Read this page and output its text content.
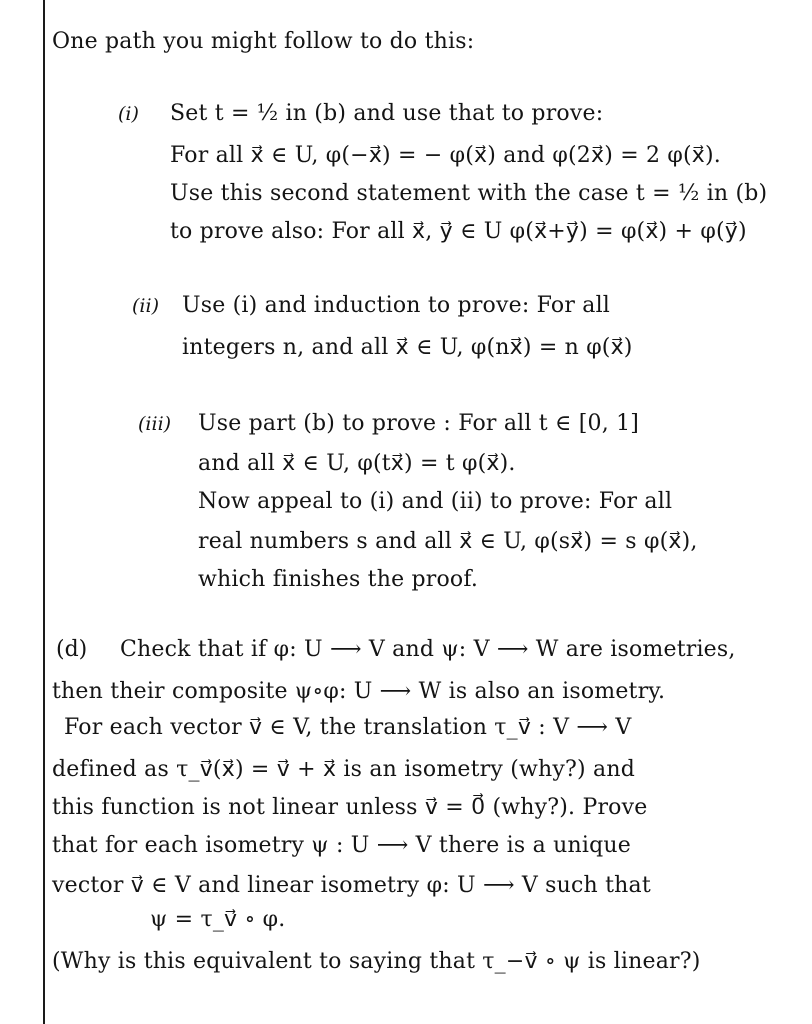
One path you might follow to do this:
(i) Set t = ½ in (b) and use that to prove:
For all x⃗ ∈ U, φ(−x⃗) = − φ(x⃗) and φ(2x⃗) = 2 φ(x⃗).
Use this second statement with the case t = ½ in (b)
to prove also: For all x⃗, y⃗ ∈ U φ(x⃗+y⃗) = φ(x⃗) + φ(y⃗)
(ii) Use (i) and induction to prove: For all
integers n, and all x⃗ ∈ U, φ(nx⃗) = n φ(x⃗)
(iii) Use part (b) to prove : For all t ∈ [0, 1]
and all x⃗ ∈ U, φ(tx⃗) = t φ(x⃗).
Now appeal to (i) and (ii) to prove: For all
real numbers s and all x⃗ ∈ U, φ(sx⃗) = s φ(x⃗),
which finishes the proof.
(d) Check that if φ: U ⟶ V and ψ: V ⟶ W are isometries,
then their composite ψ∘φ: U ⟶ W is also an isometry.
For each vector v⃗ ∈ V, the translation τ_v⃗ : V ⟶ V
defined as τ_v⃗(x⃗) = v⃗ + x⃗ is an isometry (why?) and
this function is not linear unless v⃗ = 0⃗ (why?). Prove
that for each isometry ψ : U ⟶ V there is a unique
vector v⃗ ∈ V and linear isometry φ: U ⟶ V such that
ψ = τ_v⃗ ∘ φ.
(Why is this equivalent to saying that τ_−v⃗ ∘ ψ is linear?)
